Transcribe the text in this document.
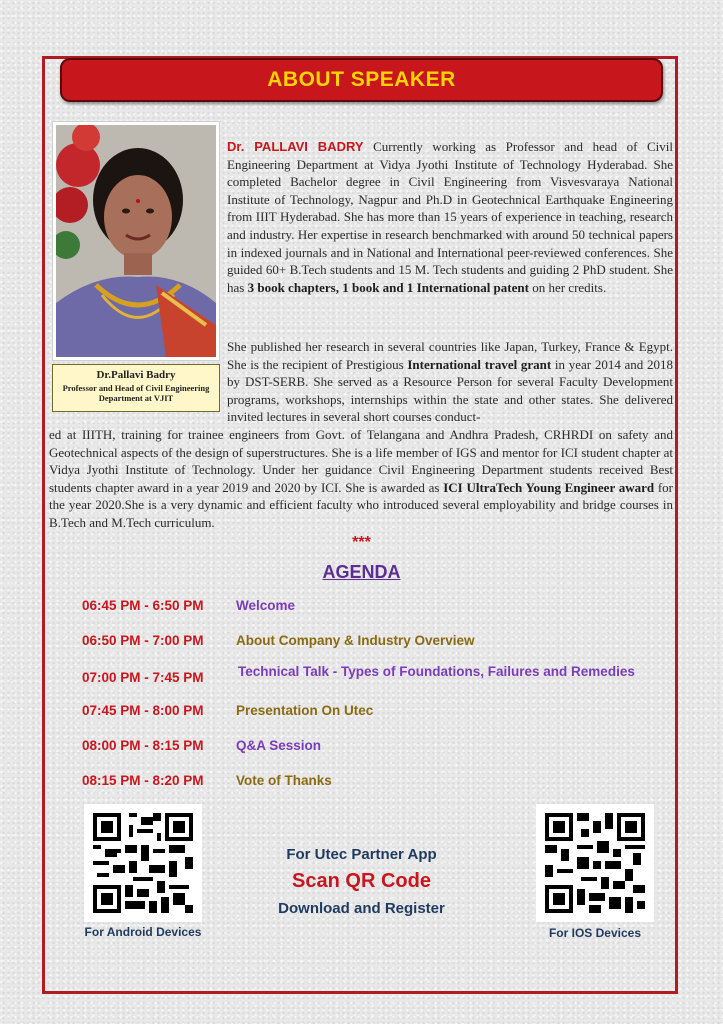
ABOUT SPEAKER
Dr.Pallavi Badry
Professor and Head of Civil Engineering Department at VJIT
Dr. PALLAVI BADRY Currently working as Professor and head of Civil Engineering Department at Vidya Jyothi Institute of Technology Hyderabad. She completed Bachelor degree in Civil Engineering from Visvesvaraya National Institute of Technology, Nagpur and Ph.D in Geotechnical Earthquake Engineering from IIIT Hyderabad. She has more than 15 years of experience in teaching, research and industry. Her expertise in research benchmarked with around 50 technical papers in indexed journals and in National and International peer-reviewed conferences. She guided 60+ B.Tech students and 15 M. Tech students and guiding 2 PhD student. She has 3 book chapters, 1 book and 1 International patent on her credits.
She published her research in several countries like Japan, Turkey, France & Egypt. She is the recipient of Prestigious International travel grant in year 2014 and 2018 by DST-SERB. She served as a Resource Person for several Faculty Development programs, workshops, internships within the state and other states. She delivered invited lectures in several short courses conduct-
ed at IIITH, training for trainee engineers from Govt. of Telangana and Andhra Pradesh, CRHRDI on safety and Geotechnical aspects of the design of superstructures. She is a life member of IGS and mentor for ICI student chapter at Vidya Jyothi Institute of Technology. Under her guidance Civil Engineering Department students received Best students chapter award in a year 2019 and 2020 by ICI. She is awarded as ICI UltraTech Young Engineer award for the year 2020.She is a very dynamic and efficient faculty who introduced several employability and bridge courses in B.Tech and M.Tech curriculum.
***
AGENDA
06:45 PM - 6:50 PM Welcome
06:50 PM - 7:00 PM About Company & Industry Overview
07:00 PM - 7:45 PM	Technical Talk - Types of Foundations, Failures and Remedies
07:45 PM - 8:00 PM Presentation On Utec
08:00 PM - 8:15 PM Q&A Session
08:15 PM - 8:20 PM Vote of Thanks
For Android Devices	For IOS Devices
For Utec Partner App
Scan QR Code
Download and Register
